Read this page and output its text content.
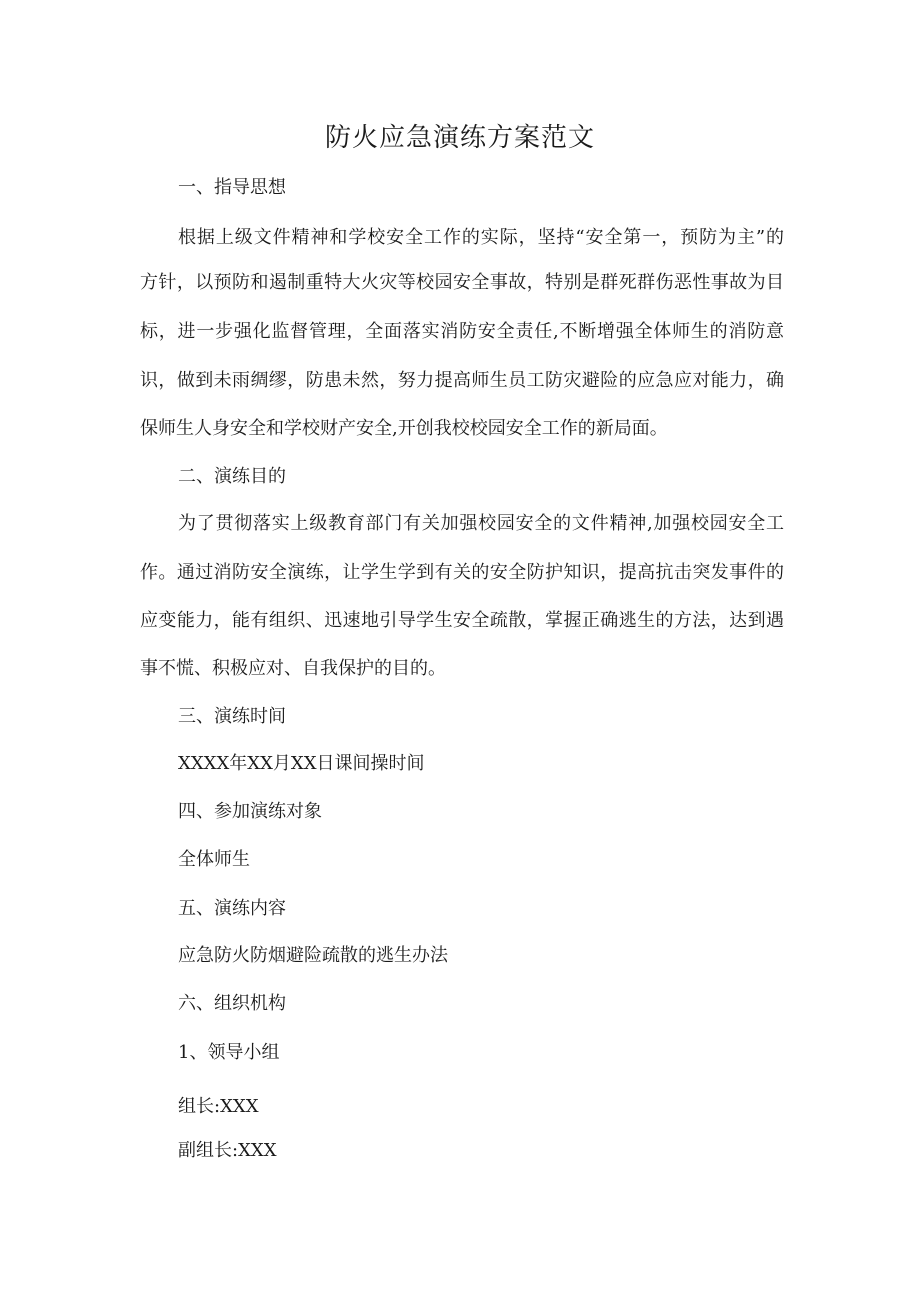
防火应急演练方案范文
一、指导思想
根据上级文件精神和学校安全工作的实际，坚持“安全第一，预防为主”的
方针，以预防和遏制重特大火灾等校园安全事故，特别是群死群伤恶性事故为目
标，进一步强化监督管理，全面落实消防安全责任,不断增强全体师生的消防意
识，做到未雨绸缪，防患未然，努力提高师生员工防灾避险的应急应对能力，确
保师生人身安全和学校财产安全,开创我校校园安全工作的新局面。
二、演练目的
为了贯彻落实上级教育部门有关加强校园安全的文件精神,加强校园安全工
作。通过消防安全演练，让学生学到有关的安全防护知识，提高抗击突发事件的
应变能力，能有组织、迅速地引导学生安全疏散，掌握正确逃生的方法，达到遇
事不慌、积极应对、自我保护的目的。
三、演练时间
XXXX年XX月XX日课间操时间
四、参加演练对象
全体师生
五、演练内容
应急防火防烟避险疏散的逃生办法
六、组织机构
1、领导小组
组长:XXX
副组长:XXX
